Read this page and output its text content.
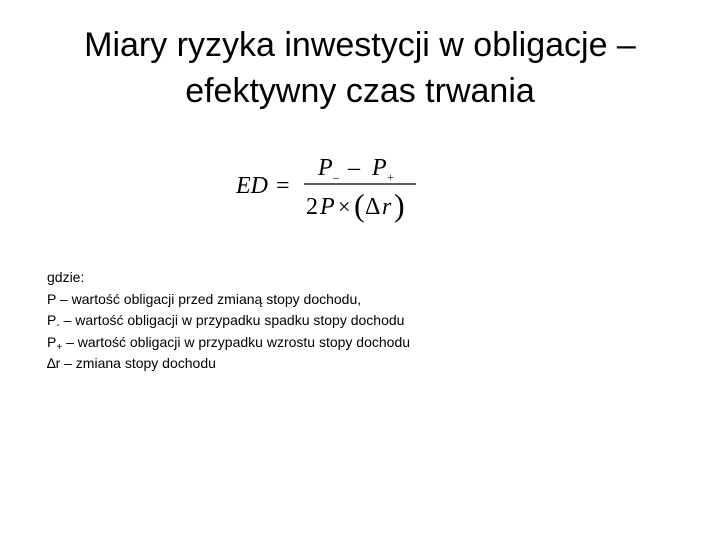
Miary ryzyka inwestycji w obligacje –
efektywny czas trwania
ED =
P – – P +
2 P × ( Δ r )
gdzie:
P – wartość obligacji przed zmianą stopy dochodu,
$P_-$ – wartość obligacji w przypadku spadku stopy dochodu
$P_+$ – wartość obligacji w przypadku wzrostu stopy dochodu
∆r – zmiana stopy dochodu
